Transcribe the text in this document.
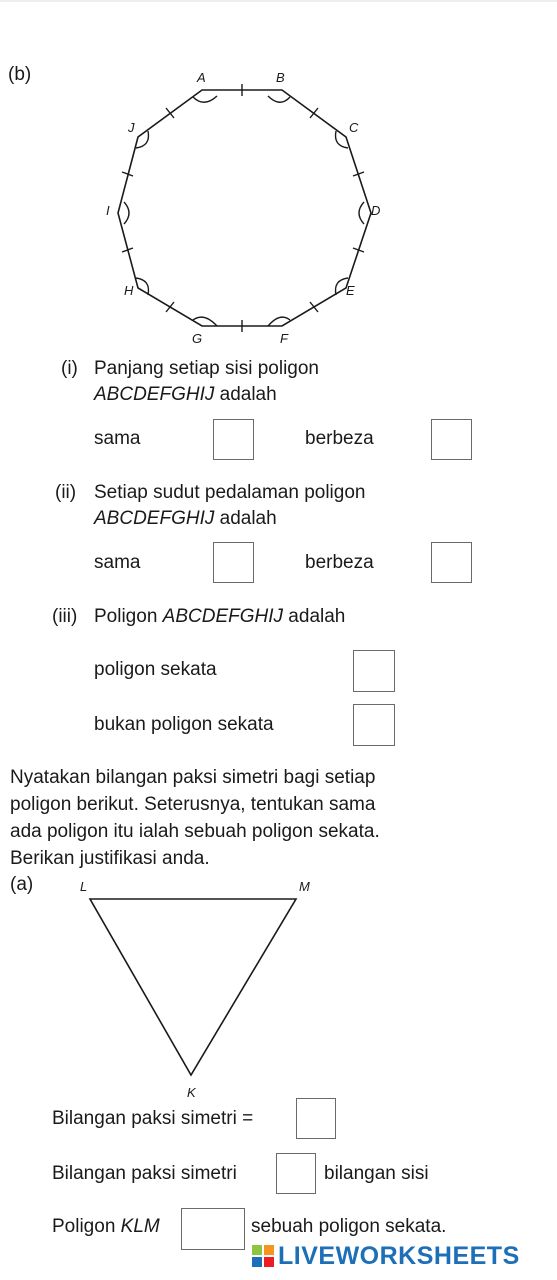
(b)	A	B
C
D
E
F
G
H
I
J
(i) Panjang setiap sisi poligon
ABCDEFGHIJ adalah
sama	berbeza
(ii) Setiap sudut pedalaman poligon
ABCDEFGHIJ adalah
sama	berbeza
(iii) Poligon ABCDEFGHIJ adalah
poligon sekata
bukan poligon sekata
Nyatakan bilangan paksi simetri bagi setiap
poligon berikut. Seterusnya, tentukan sama
ada poligon itu ialah sebuah poligon sekata.
Berikan justifikasi anda.
(a)	L	M
K
Bilangan paksi simetri =
Bilangan paksi simetri	bilangan sisi
Poligon KLM	sebuah poligon sekata.
LIVEWORKSHEETS
